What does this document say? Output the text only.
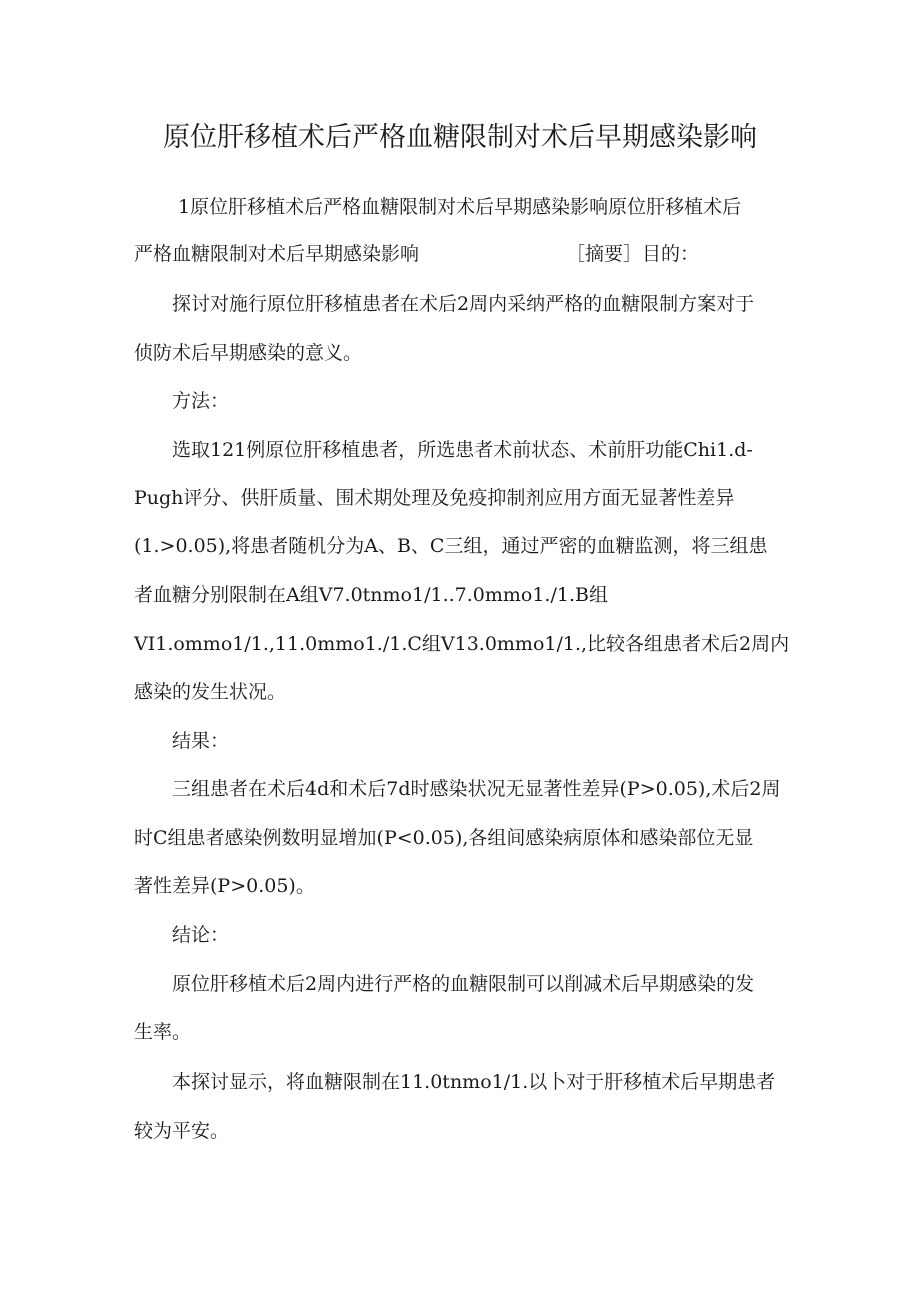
原位肝移植术后严格血糖限制对术后早期感染影响
1原位肝移植术后严格血糖限制对术后早期感染影响原位肝移植术后
严格血糖限制对术后早期感染影响	［摘要］目的：
探讨对施行原位肝移植患者在术后2周内采纳严格的血糖限制方案对于
侦防术后早期感染的意义。
方法：
选取121例原位肝移植患者，所选患者术前状态、术前肝功能Chi1.d-
Pugh评分、供肝质量、围术期处理及免疫抑制剂应用方面无显著性差异
(1.>0.05),将患者随机分为A、B、C三组，通过严密的血糖监测，将三组患
者血糖分别限制在A组V7.0tnmo1/1..7.0mmo1./1.B组
VI1.ommo1/1.,11.0mmo1./1.C组V13.0mmo1/1.,比较各组患者术后2周内
感染的发生状况。
结果：
三组患者在术后4d和术后7d时感染状况无显著性差异(P>0.05),术后2周
时C组患者感染例数明显增加(P<0.05),各组间感染病原体和感染部位无显
著性差异(P>0.05)。
结论：
原位肝移植术后2周内进行严格的血糖限制可以削减术后早期感染的发
生率。
本探讨显示，将血糖限制在11.0tnmo1/1.以卜对于肝移植术后早期患者
较为平安。
